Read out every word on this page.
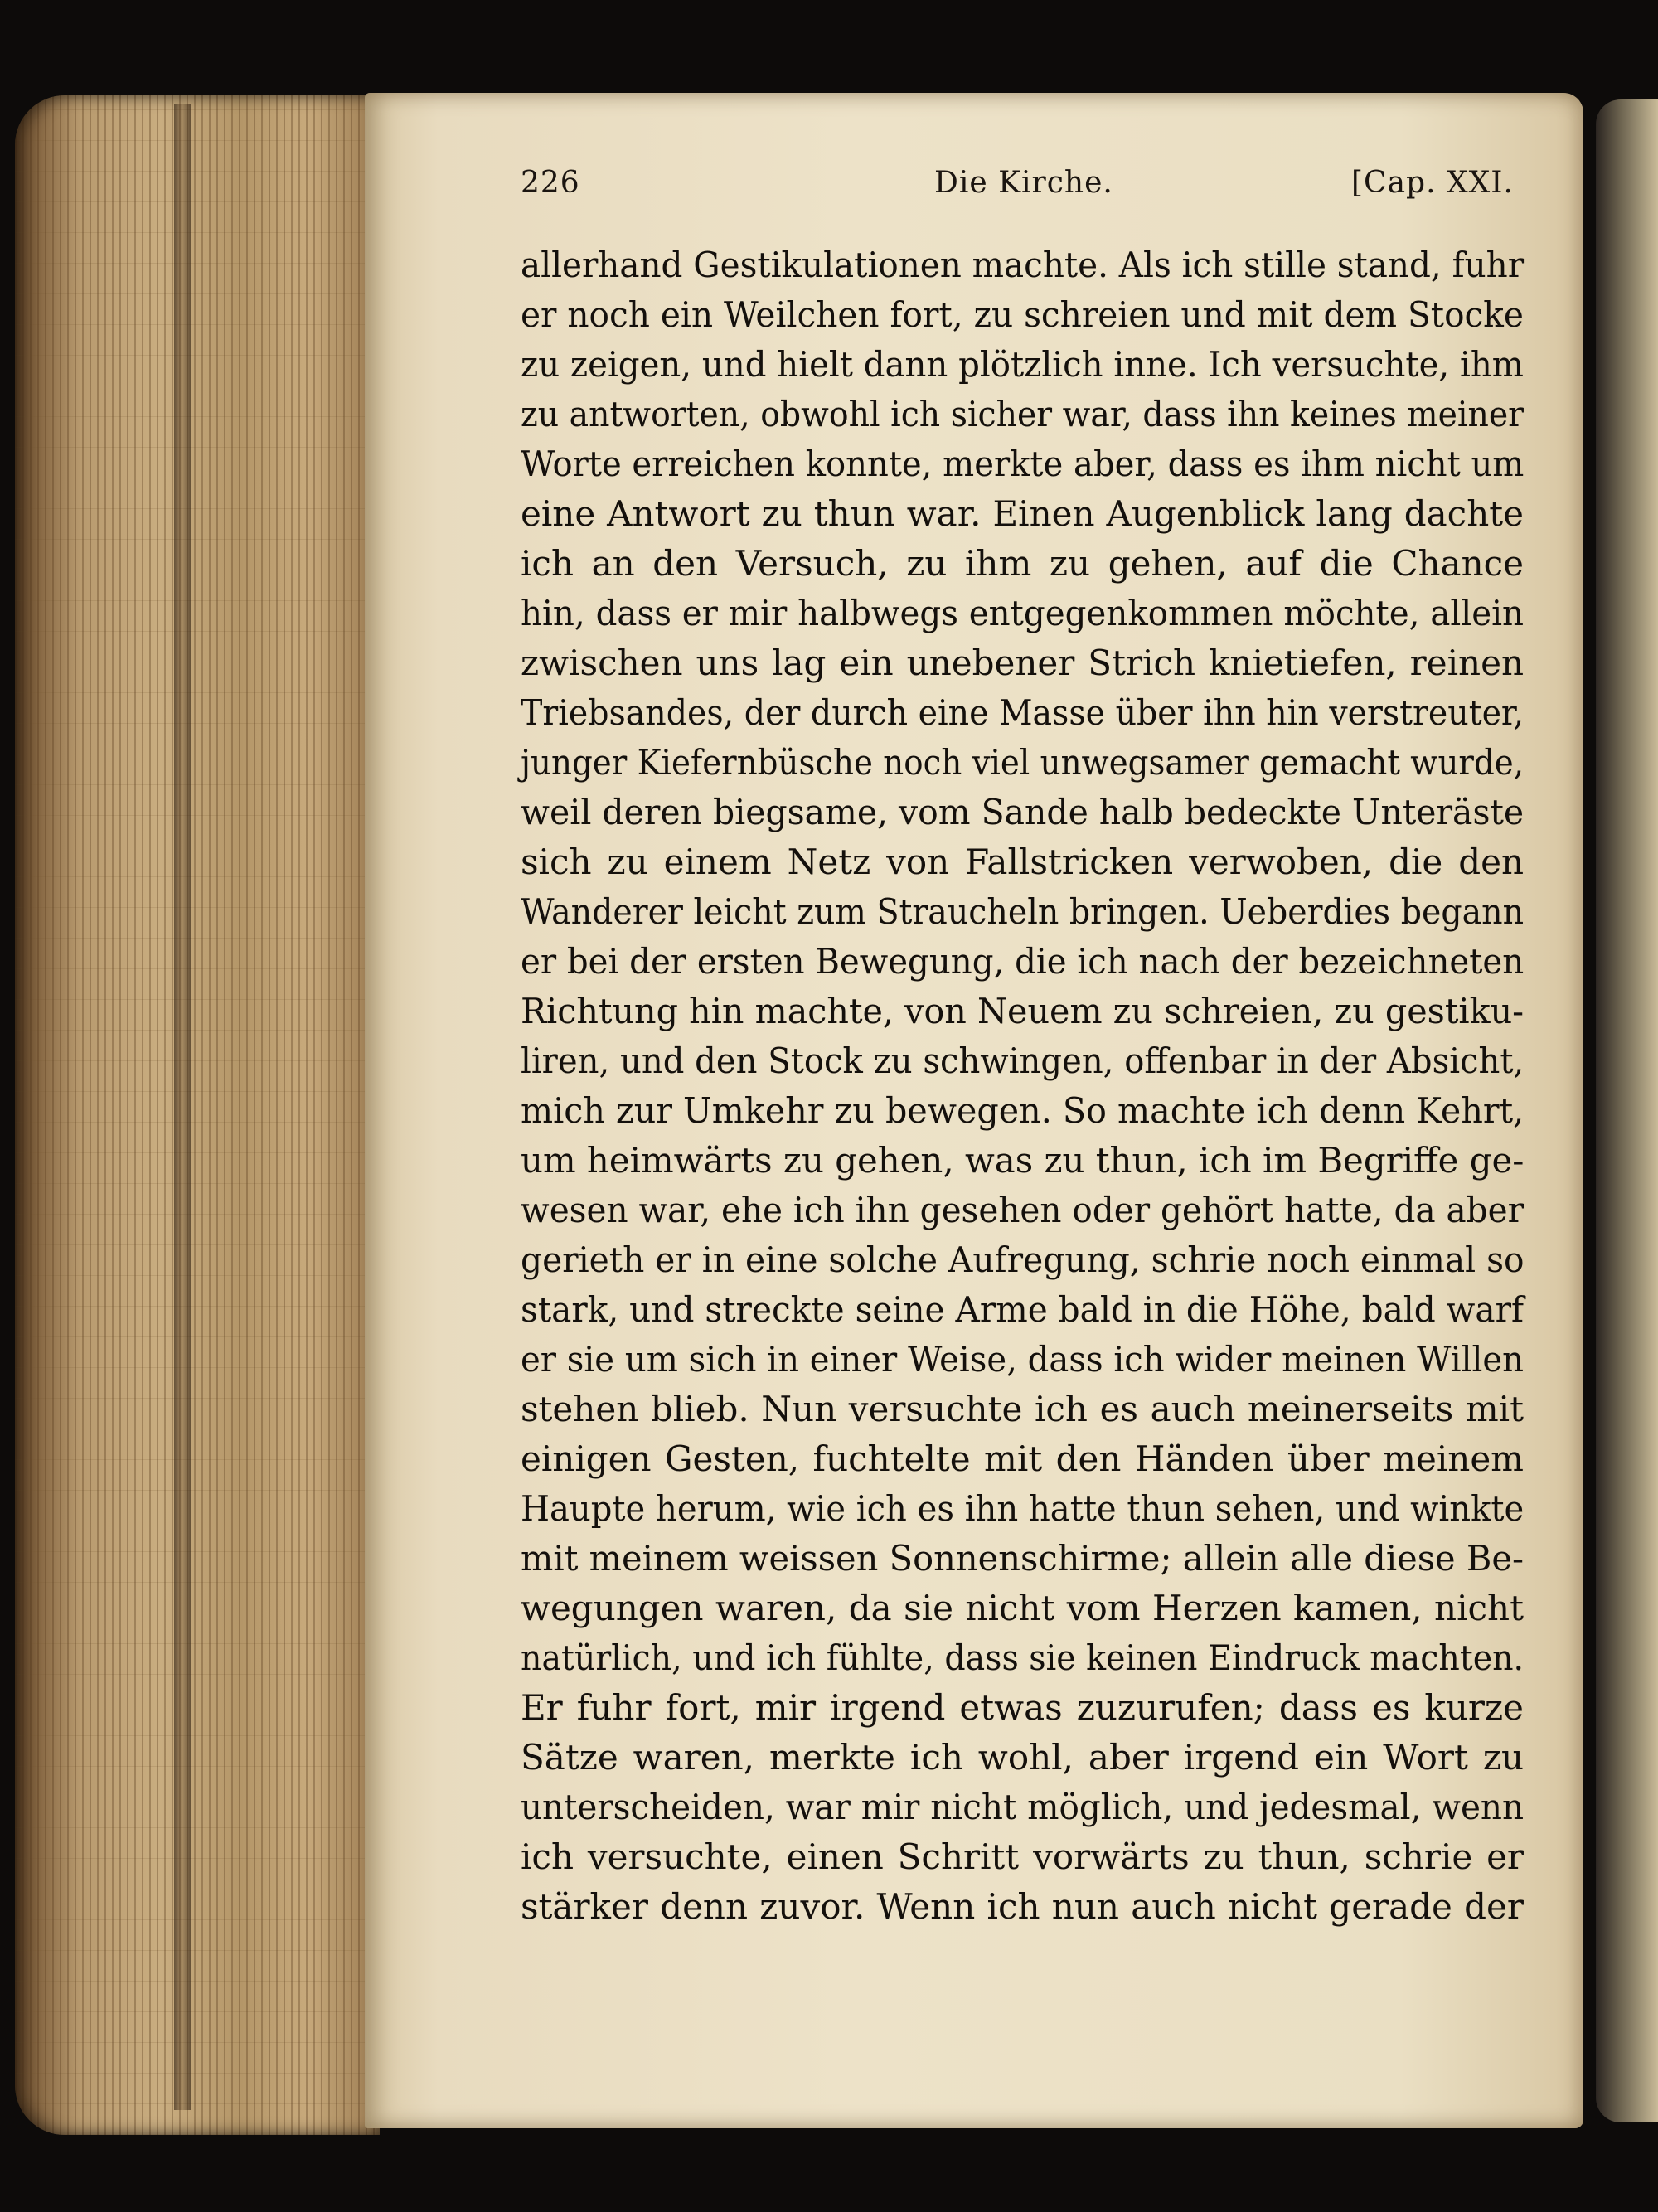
226	Die Kirche.	[Cap. XXI.
allerhand Gestikulationen machte. Als ich stille stand, fuhr
er noch ein Weilchen fort, zu schreien und mit dem Stocke
zu zeigen, und hielt dann plötzlich inne. Ich versuchte, ihm
zu antworten, obwohl ich sicher war, dass ihn keines meiner
Worte erreichen konnte, merkte aber, dass es ihm nicht um
eine Antwort zu thun war. Einen Augenblick lang dachte
ich an den Versuch, zu ihm zu gehen, auf die Chance
hin, dass er mir halbwegs entgegenkommen möchte, allein
zwischen uns lag ein unebener Strich knietiefen, reinen
Triebsandes, der durch eine Masse über ihn hin verstreuter,
junger Kiefernbüsche noch viel unwegsamer gemacht wurde,
weil deren biegsame, vom Sande halb bedeckte Unteräste
sich zu einem Netz von Fallstricken verwoben, die den
Wanderer leicht zum Straucheln bringen. Ueberdies begann
er bei der ersten Bewegung, die ich nach der bezeichneten
Richtung hin machte, von Neuem zu schreien, zu gestiku-
liren, und den Stock zu schwingen, offenbar in der Absicht,
mich zur Umkehr zu bewegen. So machte ich denn Kehrt,
um heimwärts zu gehen, was zu thun, ich im Begriffe ge-
wesen war, ehe ich ihn gesehen oder gehört hatte, da aber
gerieth er in eine solche Aufregung, schrie noch einmal so
stark, und streckte seine Arme bald in die Höhe, bald warf
er sie um sich in einer Weise, dass ich wider meinen Willen
stehen blieb. Nun versuchte ich es auch meinerseits mit
einigen Gesten, fuchtelte mit den Händen über meinem
Haupte herum, wie ich es ihn hatte thun sehen, und winkte
mit meinem weissen Sonnenschirme; allein alle diese Be-
wegungen waren, da sie nicht vom Herzen kamen, nicht
natürlich, und ich fühlte, dass sie keinen Eindruck machten.
Er fuhr fort, mir irgend etwas zuzurufen; dass es kurze
Sätze waren, merkte ich wohl, aber irgend ein Wort zu
unterscheiden, war mir nicht möglich, und jedesmal, wenn
ich versuchte, einen Schritt vorwärts zu thun, schrie er
stärker denn zuvor. Wenn ich nun auch nicht gerade der
